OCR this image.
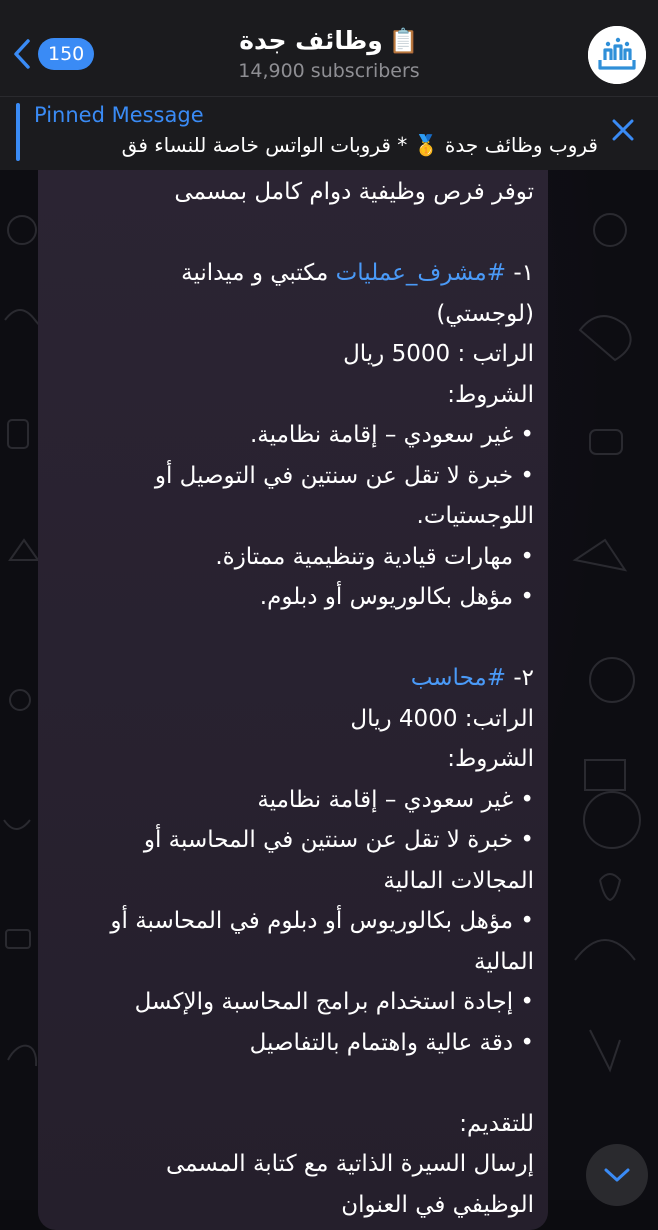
توفر فرص وظيفية دوام كامل بمسمى
١- #مشرف_عمليات مكتبي و ميدانية
(لوجستي)
الراتب : 5000 ريال
الشروط:
• غير سعودي – إقامة نظامية.
• خبرة لا تقل عن سنتين في التوصيل أو
اللوجستيات.
• مهارات قيادية وتنظيمية ممتازة.
• مؤهل بكالوريوس أو دبلوم.
٢- #محاسب
الراتب: 4000 ريال
الشروط:
• غير سعودي – إقامة نظامية
• خبرة لا تقل عن سنتين في المحاسبة أو
المجالات المالية
• مؤهل بكالوريوس أو دبلوم في المحاسبة أو
المالية
• إجادة استخدام برامج المحاسبة والإكسل
• دقة عالية واهتمام بالتفاصيل
للتقديم:
إرسال السيرة الذاتية مع كتابة المسمى
الوظيفي في العنوان
150	وظائف جدة 📋
14,900 subscribers
Pinned Message
قروب وظائف جدة 🥇 * قروبات الواتس خاصة للنساء فق
